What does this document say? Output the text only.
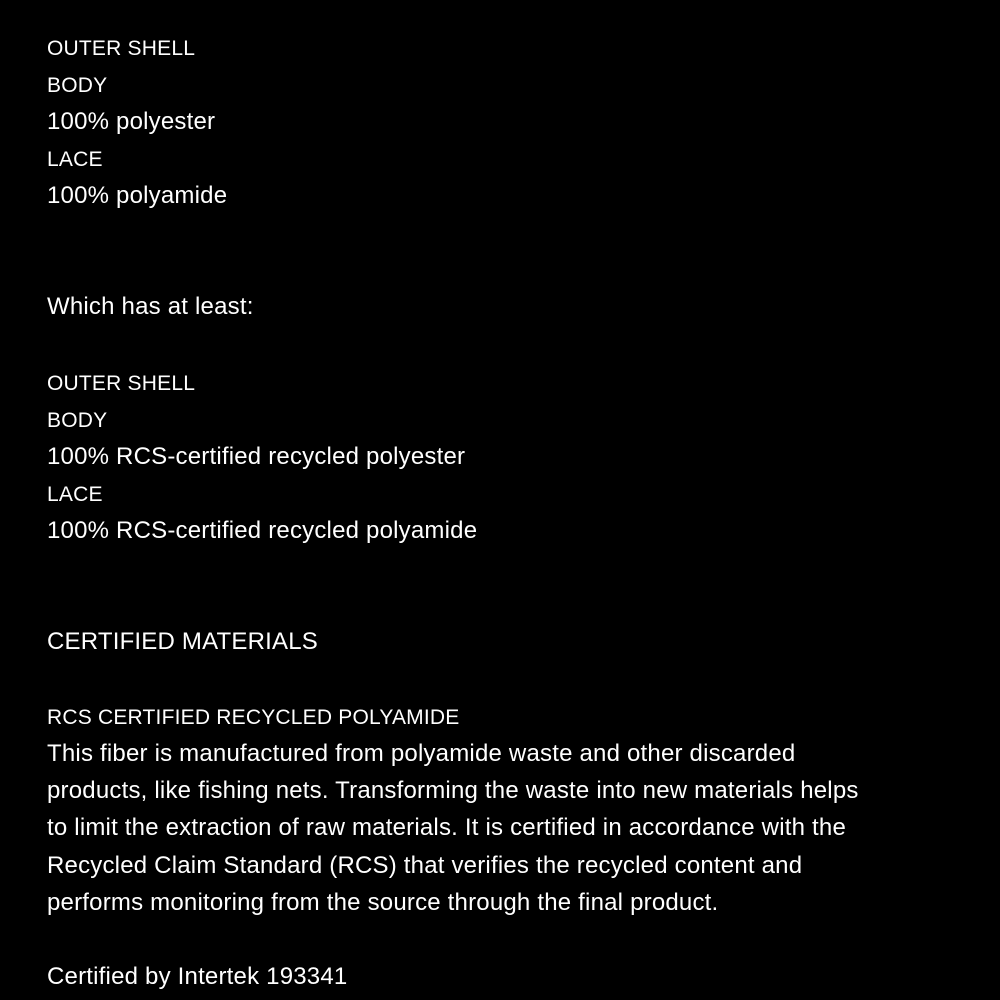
OUTER SHELL
BODY
100% polyester
LACE
100% polyamide
Which has at least:
OUTER SHELL
BODY
100% RCS-certified recycled polyester
LACE
100% RCS-certified recycled polyamide
CERTIFIED MATERIALS
RCS CERTIFIED RECYCLED POLYAMIDE
This fiber is manufactured from polyamide waste and other discarded
products, like fishing nets. Transforming the waste into new materials helps
to limit the extraction of raw materials. It is certified in accordance with the
Recycled Claim Standard (RCS) that verifies the recycled content and
performs monitoring from the source through the final product.
Certified by Intertek 193341
